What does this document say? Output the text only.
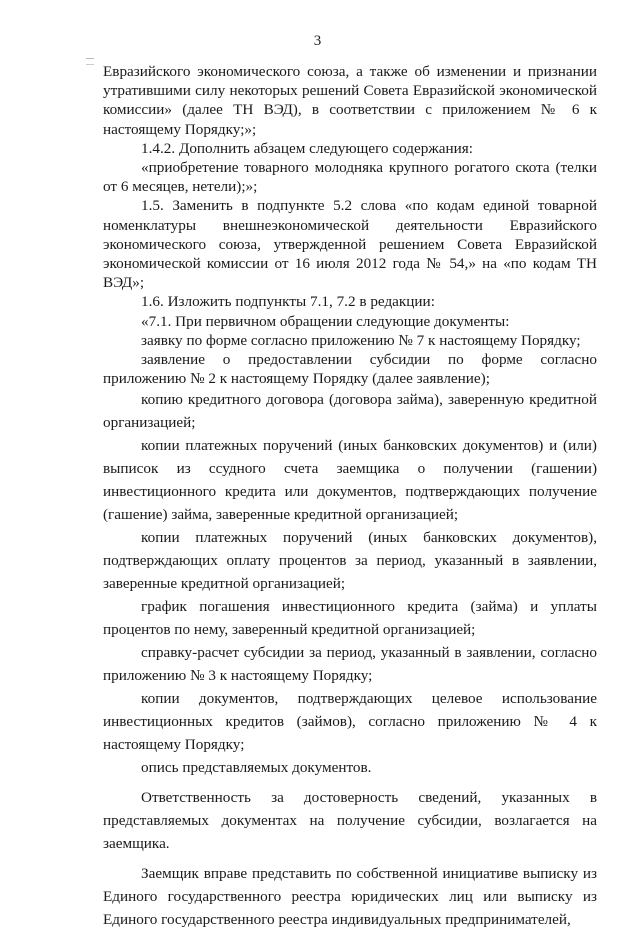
3

Евразийского экономического союза, а также об изменении и признании утратившими силу некоторых решений Совета Евразийской экономической комиссии» (далее ТН ВЭД), в соответствии с приложением № 6 к настоящему Порядку;»;

1.4.2. Дополнить абзацем следующего содержания:

«приобретение товарного молодняка крупного рогатого скота (телки от 6 месяцев, нетели);»;

1.5. Заменить в подпункте 5.2 слова «по кодам единой товарной номенклатуры внешнеэкономической деятельности Евразийского экономического союза, утвержденной решением Совета Евразийской экономической комиссии от 16 июля 2012 года № 54,» на «по кодам ТН ВЭД»;

1.6. Изложить подпункты 7.1, 7.2 в редакции:

«7.1. При первичном обращении следующие документы:

заявку по форме согласно приложению № 7 к настоящему Порядку;

заявление о предоставлении субсидии по форме согласно приложению № 2 к настоящему Порядку (далее заявление);

копию кредитного договора (договора займа), заверенную кредитной организацией;

копии платежных поручений (иных банковских документов) и (или) выписок из ссудного счета заемщика о получении (гашении) инвестиционного кредита или документов, подтверждающих получение (гашение) займа, заверенные кредитной организацией;

копии платежных поручений (иных банковских документов), подтверждающих оплату процентов за период, указанный в заявлении, заверенные кредитной организацией;

график погашения инвестиционного кредита (займа) и уплаты процентов по нему, заверенный кредитной организацией;

справку-расчет субсидии за период, указанный в заявлении, согласно приложению № 3 к настоящему Порядку;

копии документов, подтверждающих целевое использование инвестиционных кредитов (займов), согласно приложению № 4 к настоящему Порядку;

опись представляемых документов.

Ответственность за достоверность сведений, указанных в представляемых документах на получение субсидии, возлагается на заемщика.

Заемщик вправе представить по собственной инициативе выписку из Единого государственного реестра юридических лиц или выписку из Единого государственного реестра индивидуальных предпринимателей,
